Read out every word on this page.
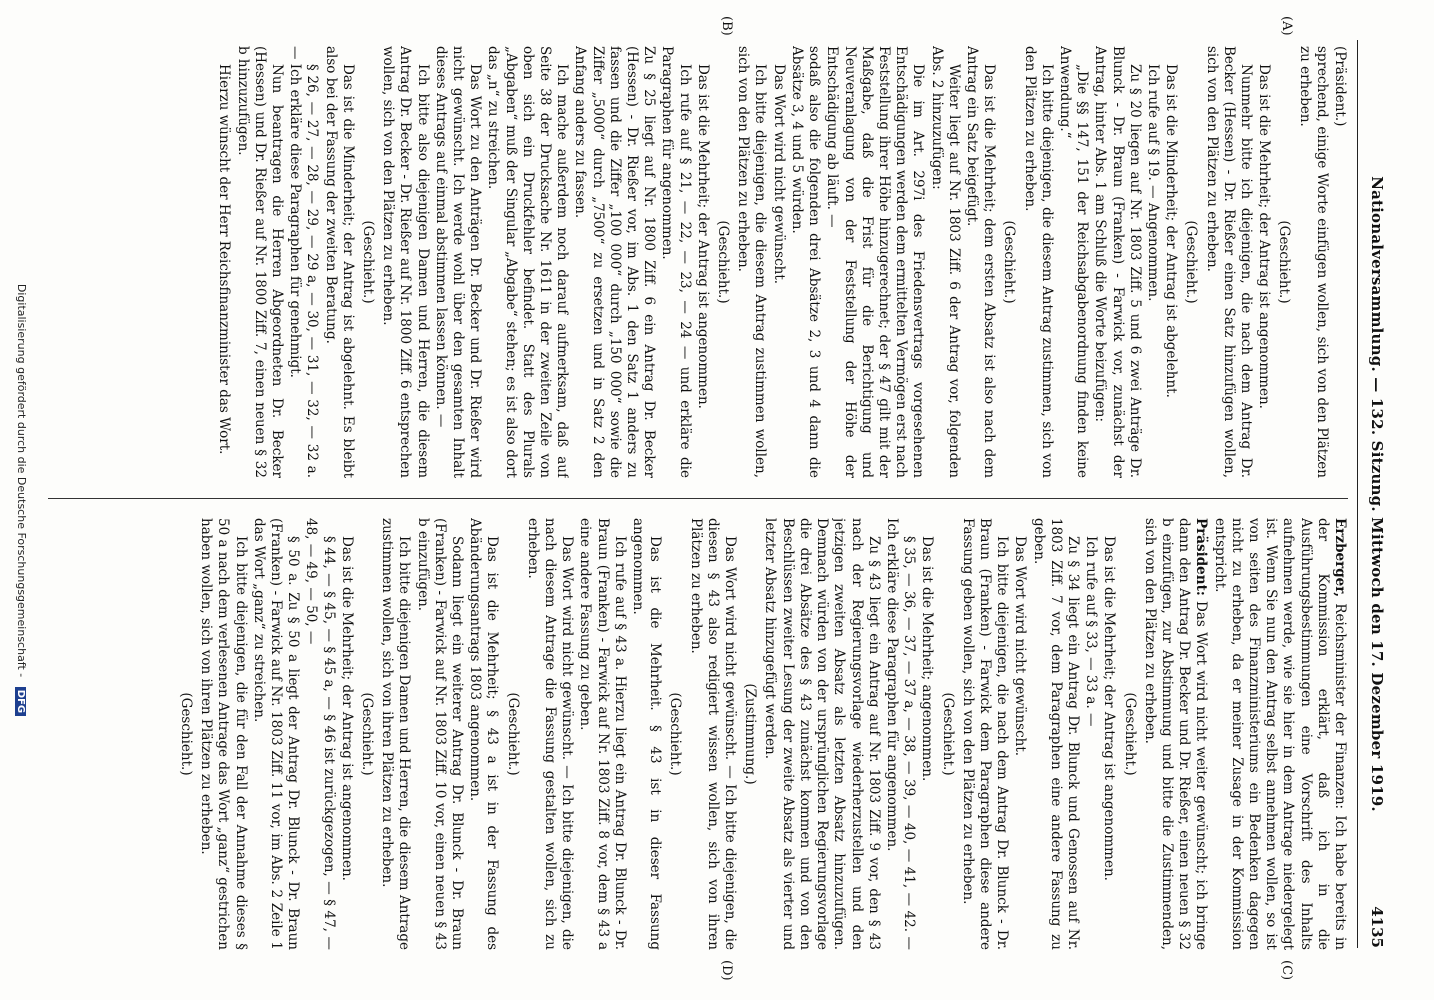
Nationalversammlung. — 132. Sitzung. Mittwoch den 17. Dezember 1919.
4135
(A)
(B)
(C)
(D)

(Präsident.)

sprechend, einige Worte einfügen wollen, sich von den Plätzen zu erheben.

(Geschieht.)

Das ist die Mehrheit; der Antrag ist angenommen.

Nunmehr bitte ich diejenigen, die nach dem Antrag Dr. Becker (Hessen) - Dr. Rießer einen Satz hinzufügen wollen, sich von den Plätzen zu erheben.

(Geschieht.)

Das ist die Minderheit; der Antrag ist abgelehnt.

Ich rufe auf § 19. — Angenommen.

Zu § 20 liegen auf Nr. 1803 Ziff. 5 und 6 zwei Anträge Dr. Blunck - Dr. Braun (Franken) - Farwick vor, zunächst der Antrag, hinter Abs. 1 am Schluß die Worte beizufügen:

„Die §§ 147, 151 der Reichsabgabenordnung finden keine Anwendung.“

Ich bitte diejenigen, die diesem Antrag zustimmen, sich von den Plätzen zu erheben.

(Geschieht.)

Das ist die Mehrheit; dem ersten Absatz ist also nach dem Antrag ein Satz beigefügt.

Weiter liegt auf Nr. 1803 Ziff. 6 der Antrag vor, folgenden Abs. 2 hinzuzufügen:

Die im Art. 297i des Friedensvertrags vorgesehenen Entschädigungen werden dem ermittelten Vermögen erst nach Feststellung ihrer Höhe hinzugerechnet; der § 47 gilt mit der Maßgabe, daß die Frist für die Berichtigung und Neuveranlagung von der Feststellung der Höhe der Entschädigung ab läuft. —

sodaß also die folgenden drei Absätze 2, 3 und 4 dann die Absätze 3, 4 und 5 würden.

Das Wort wird nicht gewünscht.

Ich bitte diejenigen, die diesem Antrag zustimmen wollen, sich von den Plätzen zu erheben.

(Geschieht.)

Das ist die Mehrheit; der Antrag ist angenommen.

Ich rufe auf § 21, — 22, — 23, — 24 — und erkläre die Paragraphen für angenommen.

Zu § 25 liegt auf Nr. 1800 Ziff. 6 ein Antrag Dr. Becker (Hessen) - Dr. Rießer vor, im Abs. 1 den Satz 1 anders zu fassen und die Ziffer „100 000“ durch „150 000“ sowie die Ziffer „5000“ durch „7500“ zu ersetzen und in Satz 2 den Anfang anders zu fassen.

Ich mache außerdem noch darauf aufmerksam, daß auf Seite 38 der Drucksache Nr. 1611 in der zweiten Zeile von oben sich ein Druckfehler befindet. Statt des Plurals „Abgaben“ muß der Singular „Abgabe“ stehen; es ist also dort das „n“ zu streichen.

Das Wort zu den Anträgen Dr. Becker und Dr. Rießer wird nicht gewünscht. Ich werde wohl über den gesamten Inhalt dieses Antrags auf einmal abstimmen lassen können. —

Ich bitte also diejenigen Damen und Herren, die diesem Antrag Dr. Becker - Dr. Rießer auf Nr. 1800 Ziff. 6 entsprechen wollen, sich von den Plätzen zu erheben.

(Geschieht.)

Das ist die Minderheit; der Antrag ist abgelehnt. Es bleibt also bei der Fassung der zweiten Beratung.

§ 26, — 27, — 28, — 29, — 29 a, — 30, — 31, — 32, — 32 a. — Ich erkläre diese Paragraphen für genehmigt.

Nun beantragen die Herren Abgeordneten Dr. Becker (Hessen) und Dr. Rießer auf Nr. 1800 Ziff. 7, einen neuen § 32 b hinzuzufügen.

Hierzu wünscht der Herr Reichsfinanzminister das Wort.

Erzberger, Reichsminister der Finanzen: Ich habe bereits in der Kommission erklärt, daß ich in die Ausführungsbestimmungen eine Vorschrift des Inhalts aufnehmen werde, wie sie hier in dem Antrage niedergelegt ist. Wenn Sie nun den Antrag selbst annehmen wollen, so ist von seiten des Finanzministeriums ein Bedenken dagegen nicht zu erheben, da er meiner Zusage in der Kommission entspricht.

Präsident: Das Wort wird nicht weiter gewünscht; ich bringe dann den Antrag Dr. Becker und Dr. Rießer, einen neuen § 32 b einzufügen, zur Abstimmung und bitte die Zustimmenden, sich von den Plätzen zu erheben.

(Geschieht.)

Das ist die Mehrheit; der Antrag ist angenommen.

Ich rufe auf § 33, — 33 a. —

Zu § 34 liegt ein Antrag Dr. Blunck und Genossen auf Nr. 1803 Ziff. 7 vor, dem Paragraphen eine andere Fassung zu geben.

Das Wort wird nicht gewünscht.

Ich bitte diejenigen, die nach dem Antrag Dr. Blunck - Dr. Braun (Franken) - Farwick dem Paragraphen diese andere Fassung geben wollen, sich von den Plätzen zu erheben.

(Geschieht.)

Das ist die Mehrheit; angenommen.

§ 35, — 36, — 37, — 37 a, — 38, — 39, — 40, — 41, — 42. — Ich erkläre diese Paragraphen für angenommen.

Zu § 43 liegt ein Antrag auf Nr. 1803 Ziff. 9 vor, den § 43 nach der Regierungsvorlage wiederherzustellen und den jetzigen zweiten Absatz als letzten Absatz hinzuzufügen. Demnach würden von der ursprünglichen Regierungsvorlage die drei Absätze des § 43 zunächst kommen und von den Beschlüssen zweiter Lesung der zweite Absatz als vierter und letzter Absatz hinzugefügt werden.

(Zustimmung.)

Das Wort wird nicht gewünscht. — Ich bitte diejenigen, die diesen § 43 also redigiert wissen wollen, sich von ihren Plätzen zu erheben.

(Geschieht.)

Das ist die Mehrheit. § 43 ist in dieser Fassung angenommen.

Ich rufe auf § 43 a. Hierzu liegt ein Antrag Dr. Blunck - Dr. Braun (Franken) - Farwick auf Nr. 1803 Ziff. 8 vor, dem § 43 a eine andere Fassung zu geben.

Das Wort wird nicht gewünscht. — Ich bitte diejenigen, die nach diesem Antrage die Fassung gestalten wollen, sich zu erheben.

(Geschieht.)

Das ist die Mehrheit; § 43 a ist in der Fassung des Abänderungsantrags 1803 angenommen.

Sodann liegt ein weiterer Antrag Dr. Blunck - Dr. Braun (Franken) - Farwick auf Nr. 1803 Ziff. 10 vor, einen neuen § 43 b einzufügen.

Ich bitte diejenigen Damen und Herren, die diesem Antrage zustimmen wollen, sich von ihren Plätzen zu erheben.

(Geschieht.)

Das ist die Mehrheit; der Antrag ist angenommen.

§ 44, — § 45, — § 45 a, — § 46 ist zurückgezogen, — § 47, — 48, — 49, — 50, —

§ 50 a. Zu § 50 a liegt der Antrag Dr. Blunck - Dr. Braun (Franken) - Farwick auf Nr. 1803 Ziff. 11 vor, im Abs. 2 Zeile 1 das Wort „ganz“ zu streichen.

Ich bitte diejenigen, die für den Fall der Annahme dieses § 50 a nach dem verlesenen Antrage das Wort „ganz“ gestrichen haben wollen, sich von ihren Plätzen zu erheben.

(Geschieht.)

Digitalisierung gefördert durch die Deutsche Forschungsgemeinschaft - DFG
